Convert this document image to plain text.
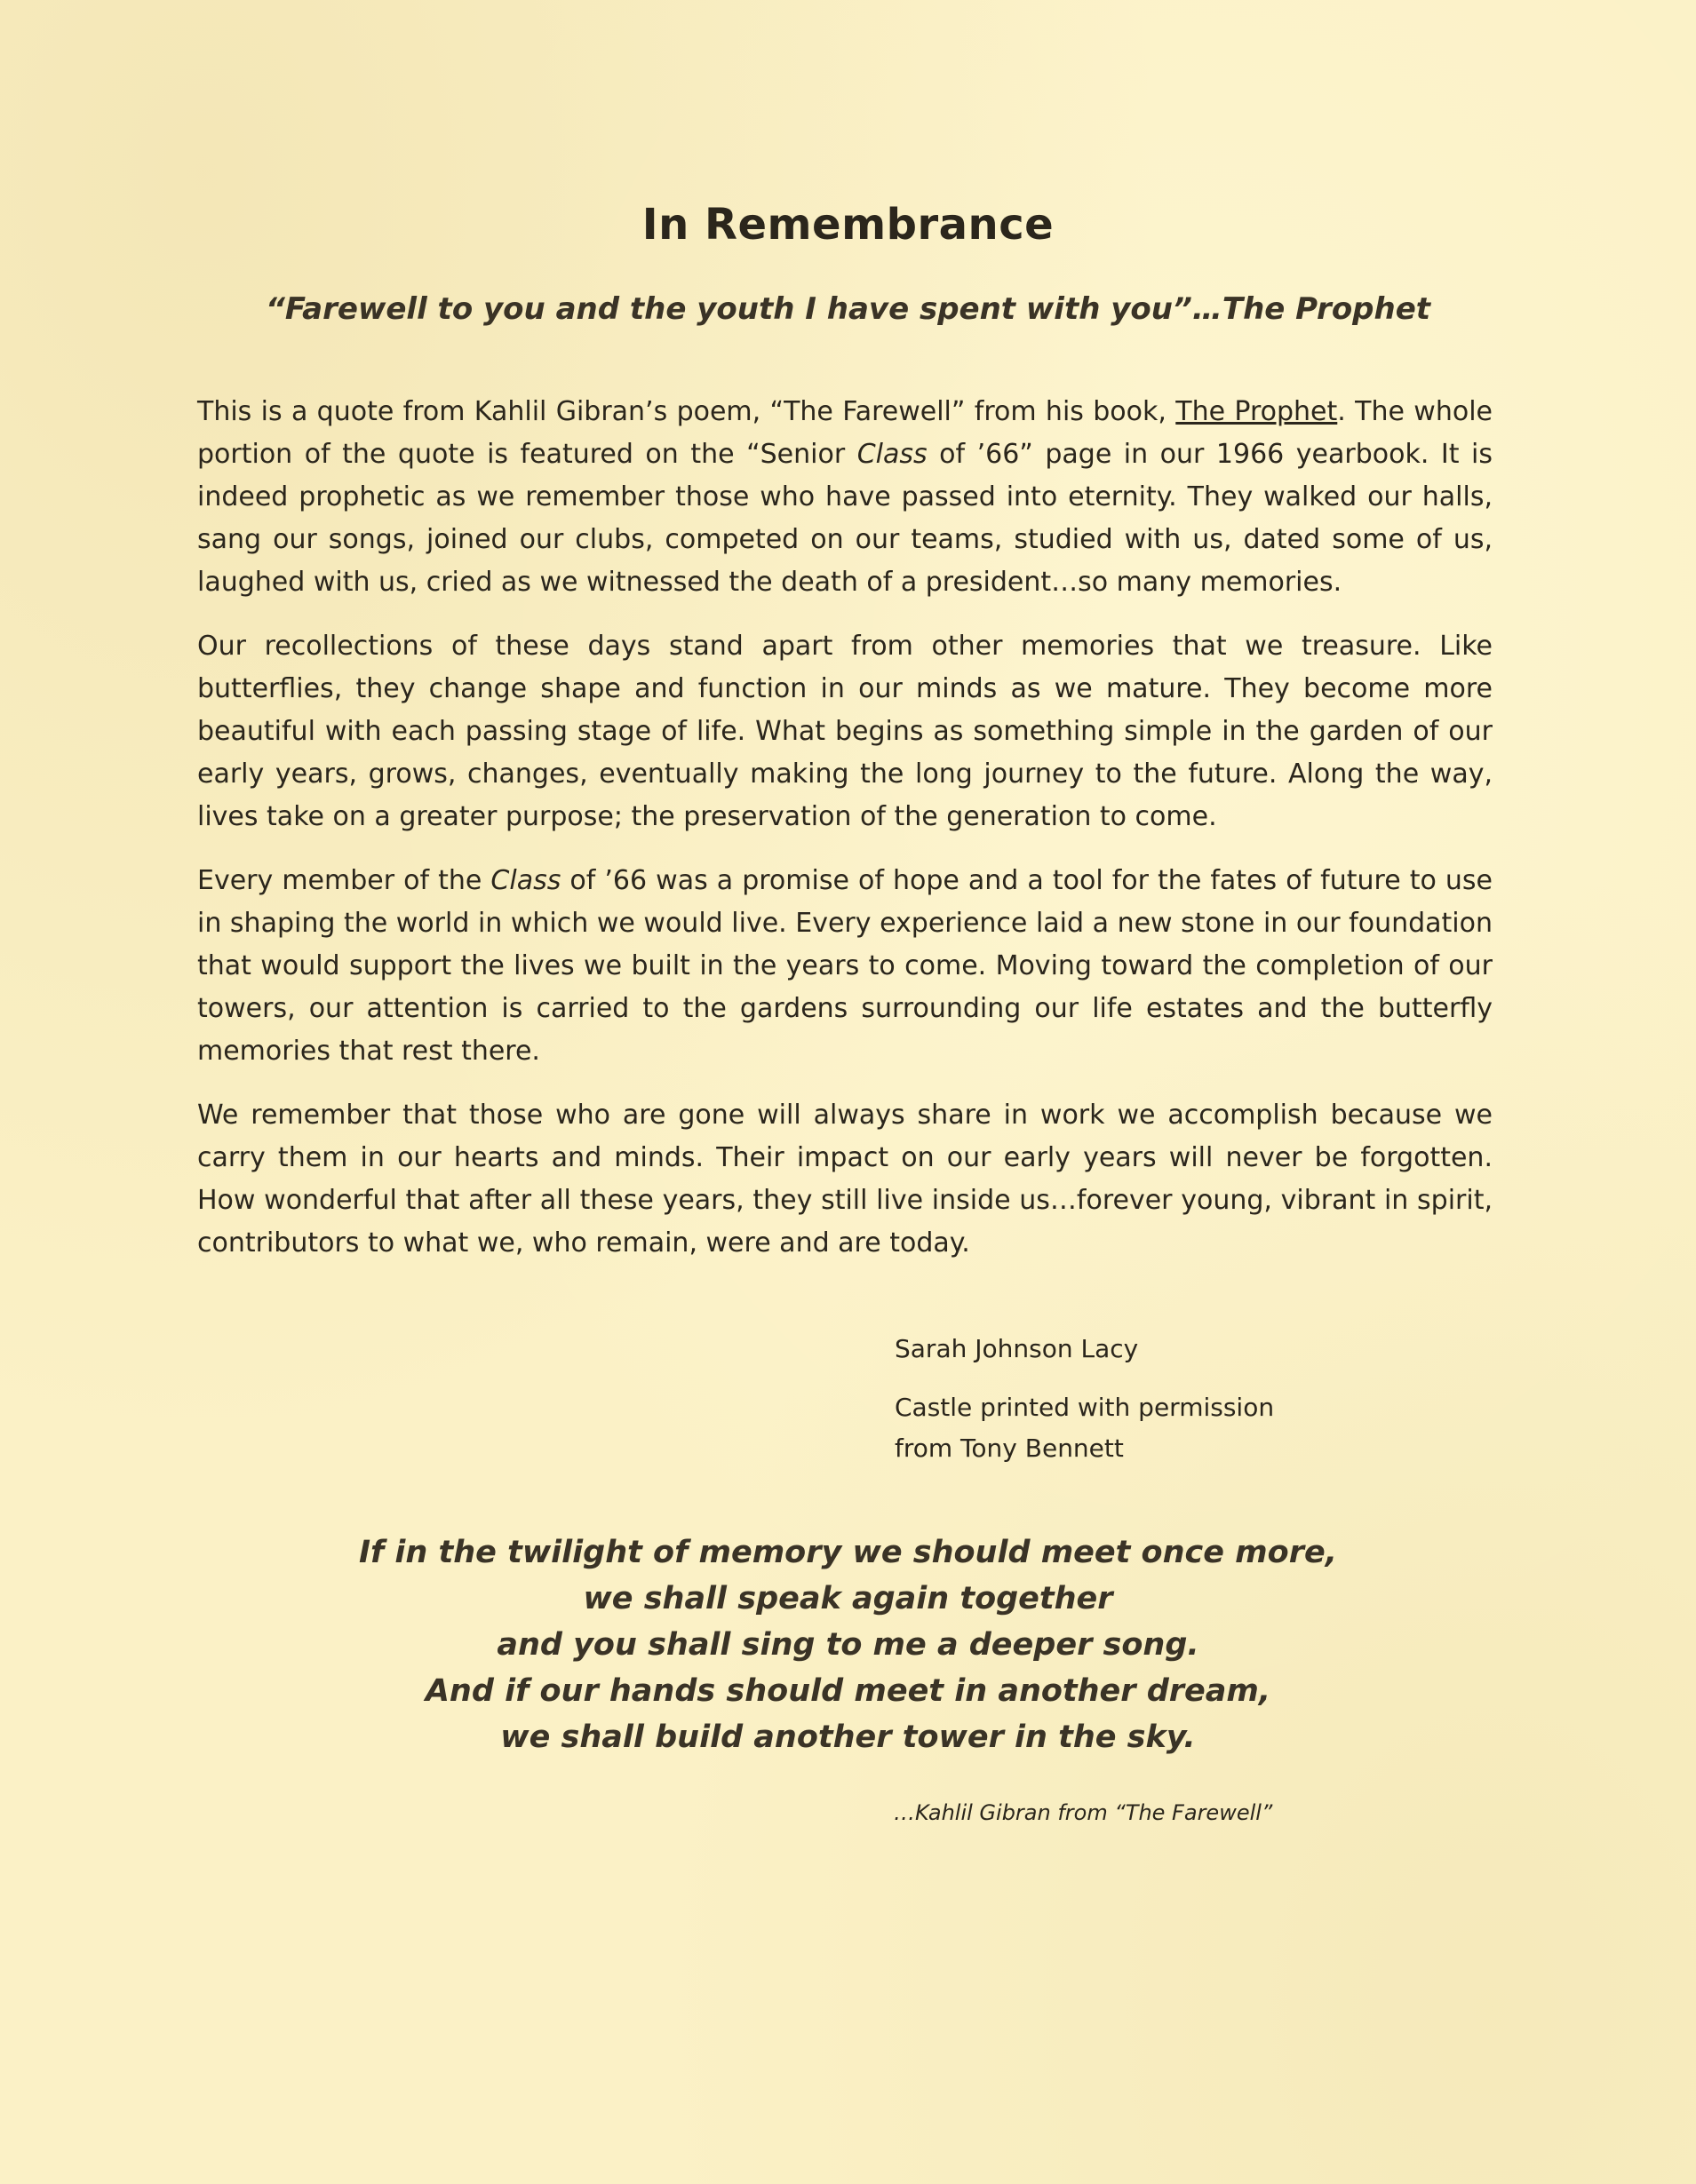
In Remembrance
“Farewell to you and the youth I have spent with you”…The Prophet

This is a quote from Kahlil Gibran’s poem, “The Farewell” from his book, The Prophet. The whole portion of the quote is featured on the “Senior Class of ’66” page in our 1966 yearbook. It is indeed prophetic as we remember those who have passed into eternity. They walked our halls, sang our songs, joined our clubs, competed on our teams, studied with us, dated some of us, laughed with us, cried as we witnessed the death of a president…so many memories.

Our recollections of these days stand apart from other memories that we treasure. Like butterflies, they change shape and function in our minds as we mature. They become more beautiful with each passing stage of life. What begins as something simple in the garden of our early years, grows, changes, eventually making the long journey to the future. Along the way, lives take on a greater purpose; the preservation of the generation to come.

Every member of the Class of ’66 was a promise of hope and a tool for the fates of future to use in shaping the world in which we would live. Every experience laid a new stone in our foundation that would support the lives we built in the years to come. Moving toward the completion of our towers, our attention is carried to the gardens surrounding our life estates and the butterfly memories that rest there.

We remember that those who are gone will always share in work we accomplish because we carry them in our hearts and minds. Their impact on our early years will never be forgotten. How wonderful that after all these years, they still live inside us…forever young, vibrant in spirit, contributors to what we, who remain, were and are today.

Sarah Johnson Lacy
Castle printed with permission
from Tony Bennett
If in the twilight of memory we should meet once more,
we shall speak again together
and you shall sing to me a deeper song.
And if our hands should meet in another dream,
we shall build another tower in the sky.
…Kahlil Gibran from “The Farewell”
